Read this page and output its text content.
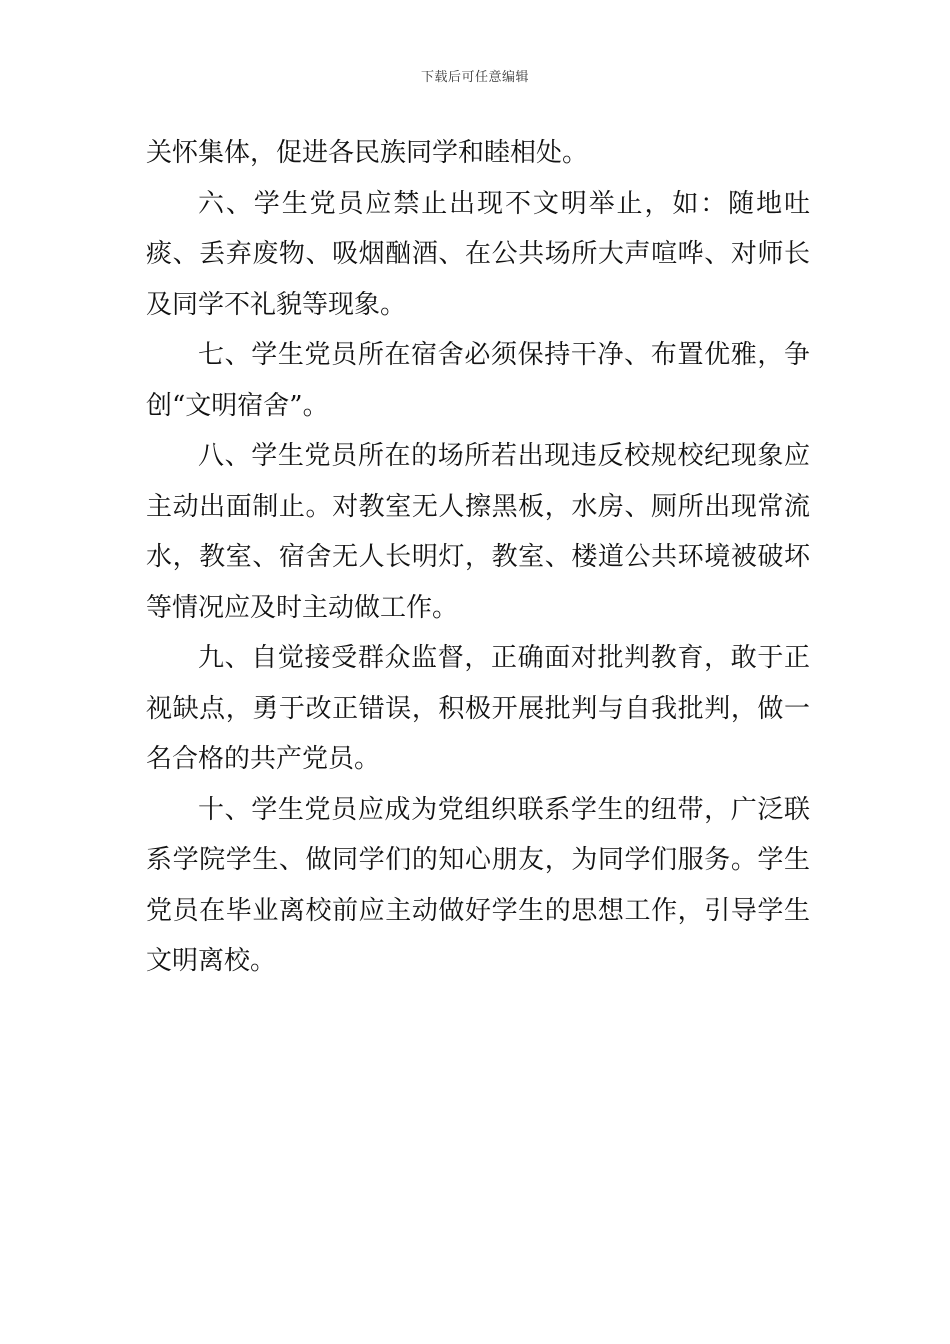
下载后可任意编辑

关怀集体，促进各民族同学和睦相处。

六、学生党员应禁止出现不文明举止，如：随地吐痰、丢弃废物、吸烟酗酒、在公共场所大声喧哗、对师长及同学不礼貌等现象。

七、学生党员所在宿舍必须保持干净、布置优雅，争创“文明宿舍”。

八、学生党员所在的场所若出现违反校规校纪现象应主动出面制止。对教室无人擦黑板，水房、厕所出现常流水，教室、宿舍无人长明灯，教室、楼道公共环境被破坏等情况应及时主动做工作。

九、自觉接受群众监督，正确面对批判教育，敢于正视缺点，勇于改正错误，积极开展批判与自我批判，做一名合格的共产党员。

十、学生党员应成为党组织联系学生的纽带，广泛联系学院学生、做同学们的知心朋友，为同学们服务。学生党员在毕业离校前应主动做好学生的思想工作，引导学生文明离校。
